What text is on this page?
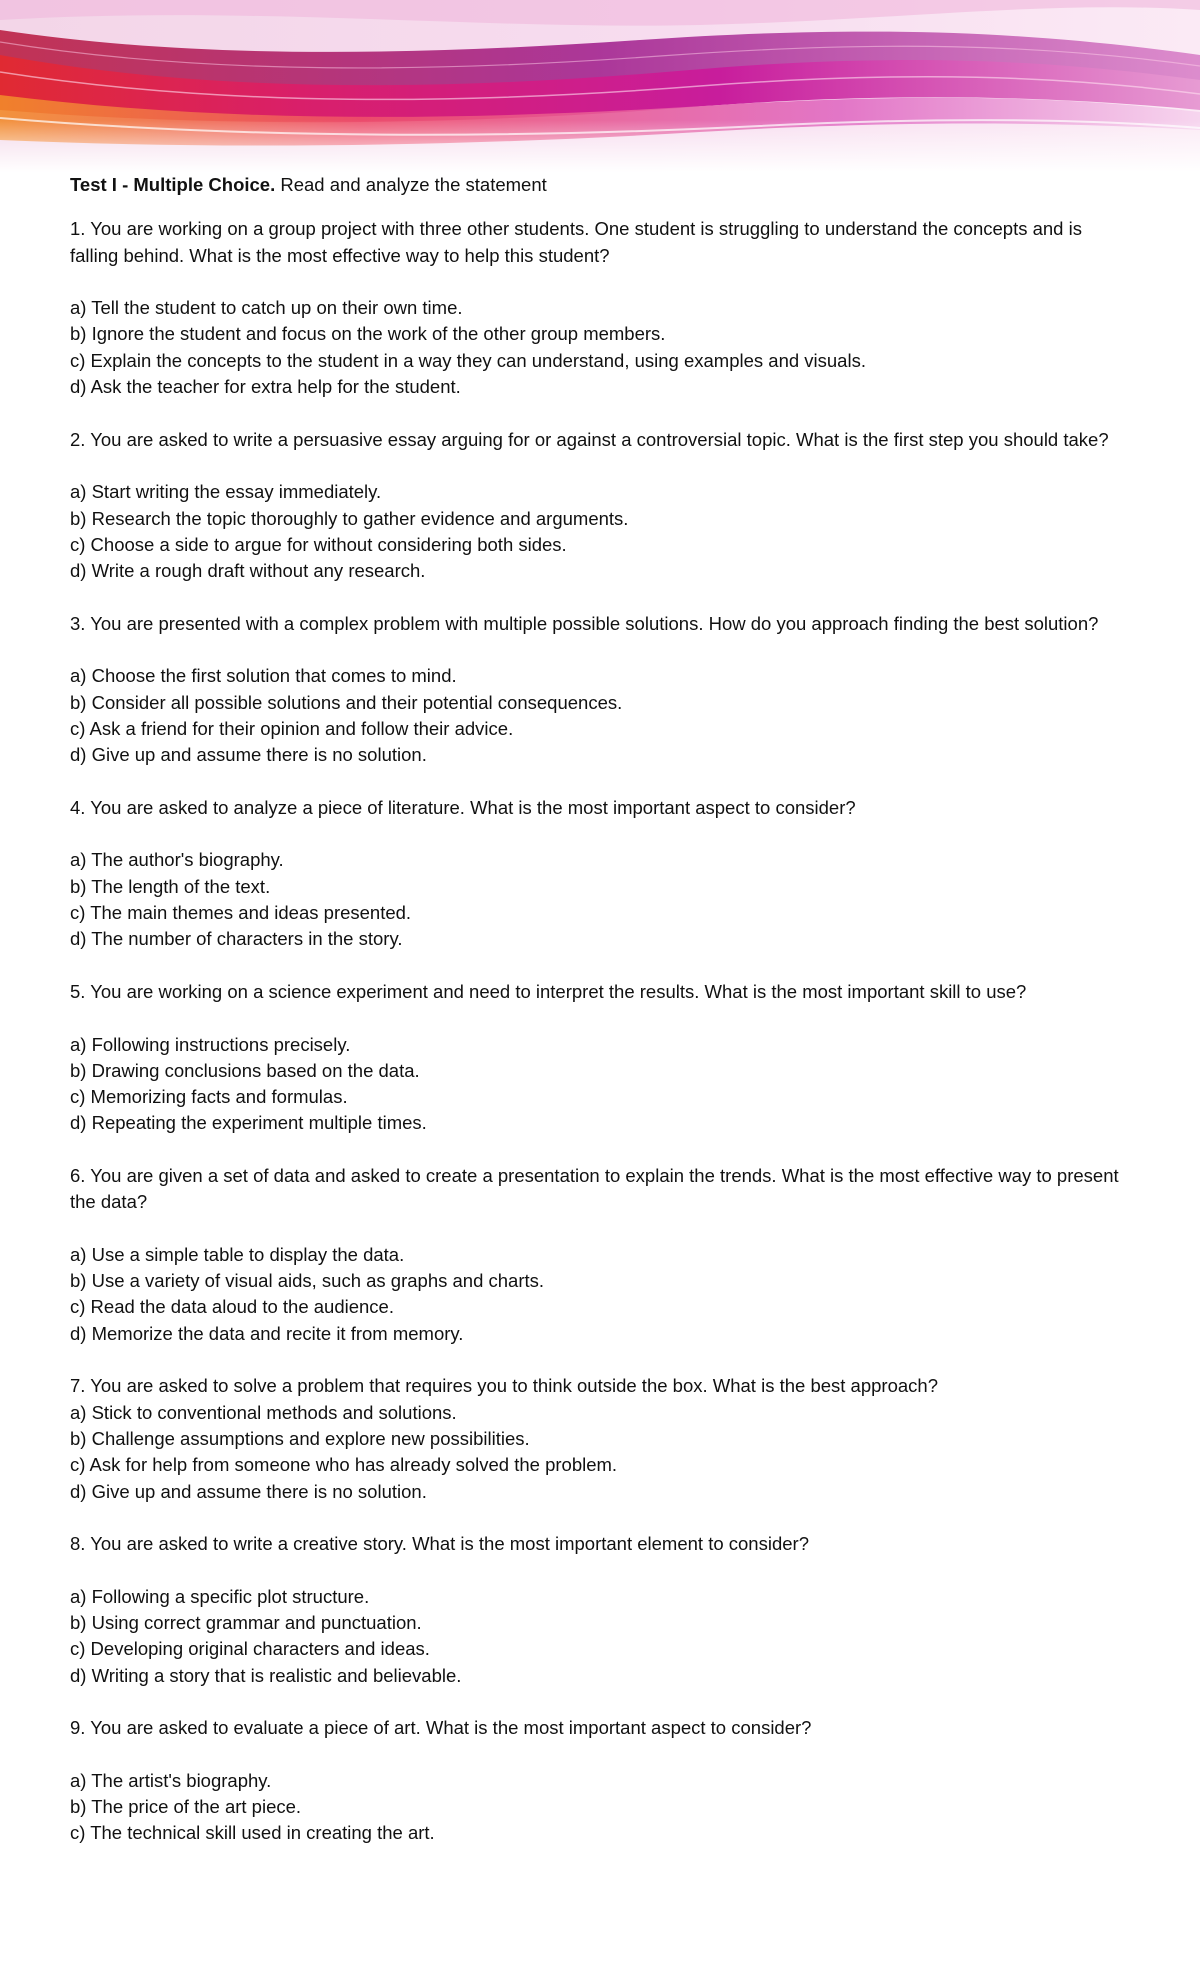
Test I - Multiple Choice. Read and analyze the statement

1. You are working on a group project with three other students. One student is struggling to understand the concepts and is falling behind. What is the most effective way to help this student?

a) Tell the student to catch up on their own time.

b) Ignore the student and focus on the work of the other group members.

c) Explain the concepts to the student in a way they can understand, using examples and visuals.

d) Ask the teacher for extra help for the student.

2. You are asked to write a persuasive essay arguing for or against a controversial topic. What is the first step you should take?

a) Start writing the essay immediately.

b) Research the topic thoroughly to gather evidence and arguments.

c) Choose a side to argue for without considering both sides.

d) Write a rough draft without any research.

3. You are presented with a complex problem with multiple possible solutions. How do you approach finding the best solution?

a) Choose the first solution that comes to mind.

b) Consider all possible solutions and their potential consequences.

c) Ask a friend for their opinion and follow their advice.

d) Give up and assume there is no solution.

4. You are asked to analyze a piece of literature. What is the most important aspect to consider?

a) The author's biography.

b) The length of the text.

c) The main themes and ideas presented.

d) The number of characters in the story.

5. You are working on a science experiment and need to interpret the results. What is the most important skill to use?

a) Following instructions precisely.

b) Drawing conclusions based on the data.

c) Memorizing facts and formulas.

d) Repeating the experiment multiple times.

6. You are given a set of data and asked to create a presentation to explain the trends. What is the most effective way to present the data?

a) Use a simple table to display the data.

b) Use a variety of visual aids, such as graphs and charts.

c) Read the data aloud to the audience.

d) Memorize the data and recite it from memory.

7. You are asked to solve a problem that requires you to think outside the box. What is the best approach?

a) Stick to conventional methods and solutions.

b) Challenge assumptions and explore new possibilities.

c) Ask for help from someone who has already solved the problem.

d) Give up and assume there is no solution.

8. You are asked to write a creative story. What is the most important element to consider?

a) Following a specific plot structure.

b) Using correct grammar and punctuation.

c) Developing original characters and ideas.

d) Writing a story that is realistic and believable.

9. You are asked to evaluate a piece of art. What is the most important aspect to consider?

a) The artist's biography.

b) The price of the art piece.

c) The technical skill used in creating the art.
